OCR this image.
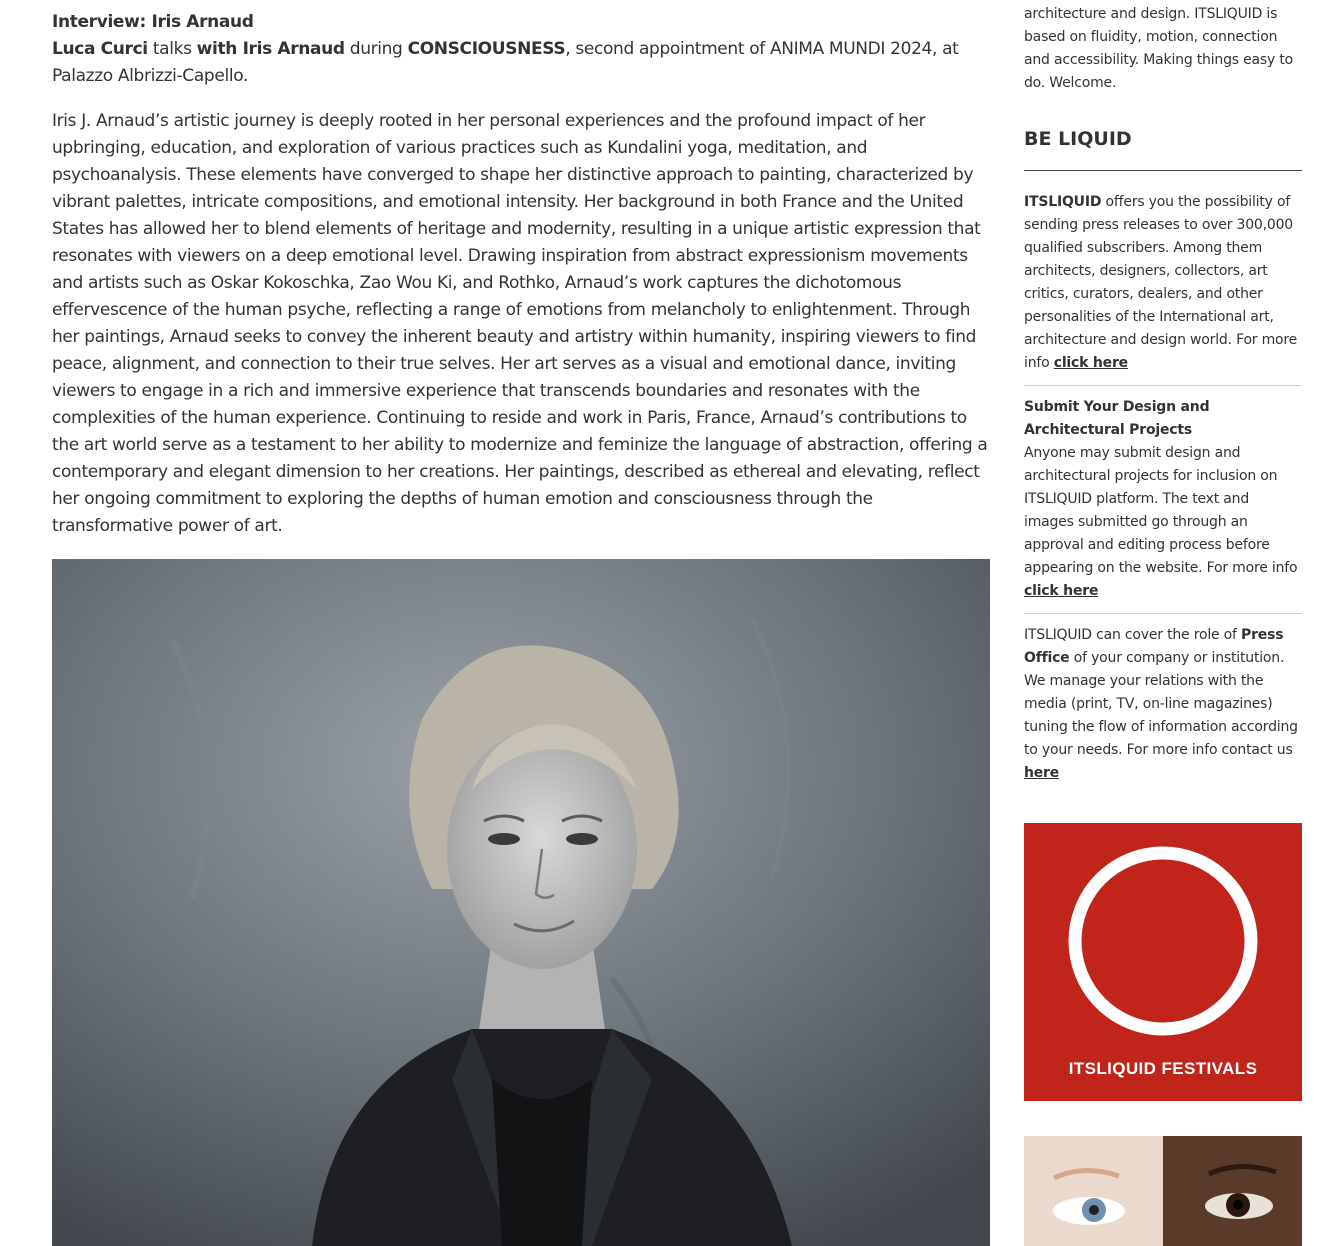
Interview: Iris Arnaud

Luca Curci talks with Iris Arnaud during CONSCIOUSNESS, second appointment of ANIMA MUNDI 2024, at Palazzo Albrizzi-Capello.

Iris J. Arnaud’s artistic journey is deeply rooted in her personal experiences and the profound impact of her upbringing, education, and exploration of various practices such as Kundalini yoga, meditation, and psychoanalysis. These elements have converged to shape her distinctive approach to painting, characterized by vibrant palettes, intricate compositions, and emotional intensity. Her background in both France and the United States has allowed her to blend elements of heritage and modernity, resulting in a unique artistic expression that resonates with viewers on a deep emotional level. Drawing inspiration from abstract expressionism movements and artists such as Oskar Kokoschka, Zao Wou Ki, and Rothko, Arnaud’s work captures the dichotomous effervescence of the human psyche, reflecting a range of emotions from melancholy to enlightenment. Through her paintings, Arnaud seeks to convey the inherent beauty and artistry within humanity, inspiring viewers to find peace, alignment, and connection to their true selves. Her art serves as a visual and emotional dance, inviting viewers to engage in a rich and immersive experience that transcends boundaries and resonates with the complexities of the human experience. Continuing to reside and work in Paris, France, Arnaud’s contributions to the art world serve as a testament to her ability to modernize and feminize the language of abstraction, offering a contemporary and elegant dimension to her creations. Her paintings, described as ethereal and elevating, reflect her ongoing commitment to exploring the depths of human emotion and consciousness through the transformative power of art.

architecture and design. ITSLIQUID is based on fluidity, motion, connection and accessibility. Making things easy to do. Welcome.

BE LIQUID

ITSLIQUID offers you the possibility of sending press releases to over 300,000 qualified subscribers. Among them architects, designers, collectors, art critics, curators, dealers, and other personalities of the International art, architecture and design world. For more info click here

Submit Your Design and Architectural Projects
Anyone may submit design and architectural projects for inclusion on ITSLIQUID platform. The text and images submitted go through an approval and editing process before appearing on the website. For more info click here

ITSLIQUID can cover the role of Press Office of your company or institution. We manage your relations with the media (print, TV, on-line magazines) tuning the flow of information according to your needs. For more info contact us here

ITSLIQUID FESTIVALS
